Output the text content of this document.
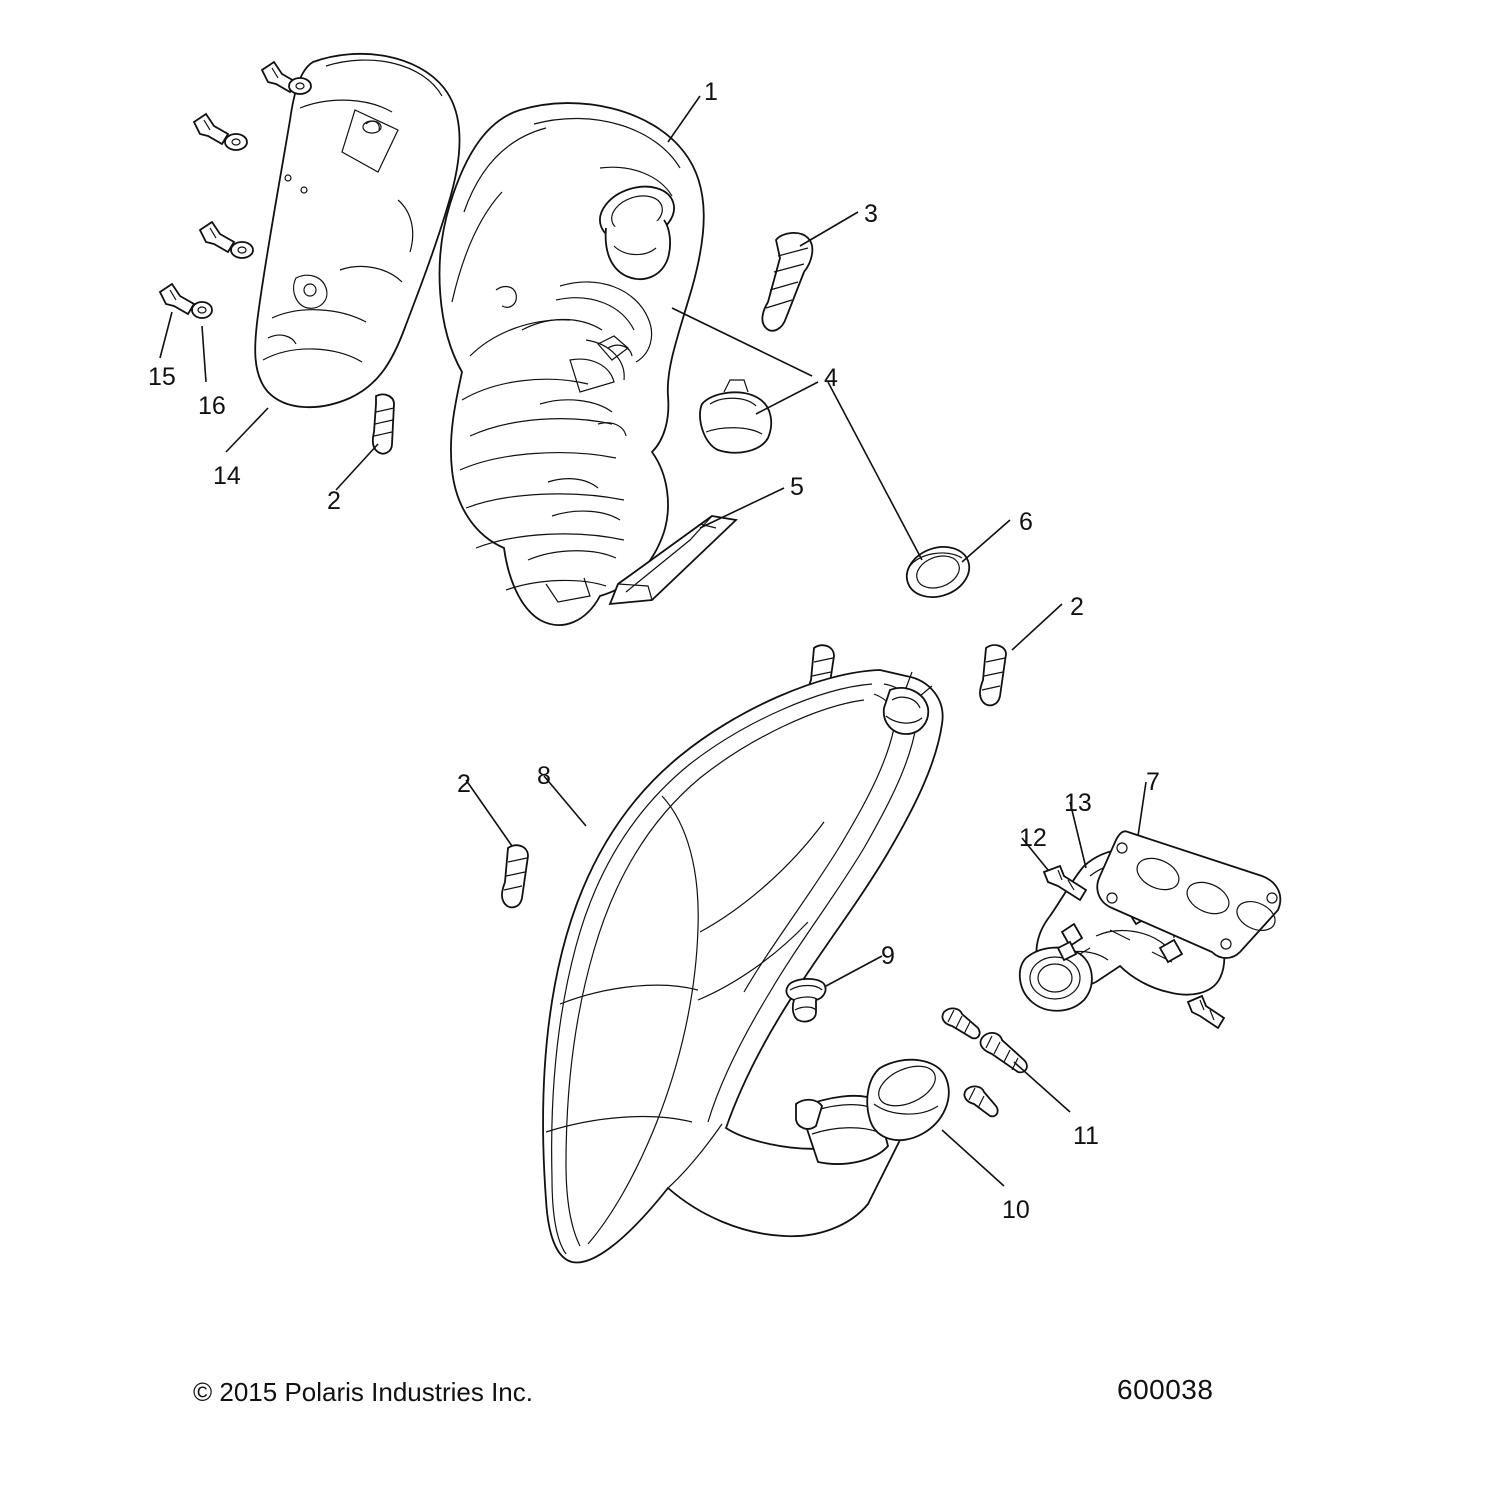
1
3
4
15
16
14
2	5
6
2
2	8
12
13
7
9
11
10
© 2015 Polaris Industries Inc.	600038
